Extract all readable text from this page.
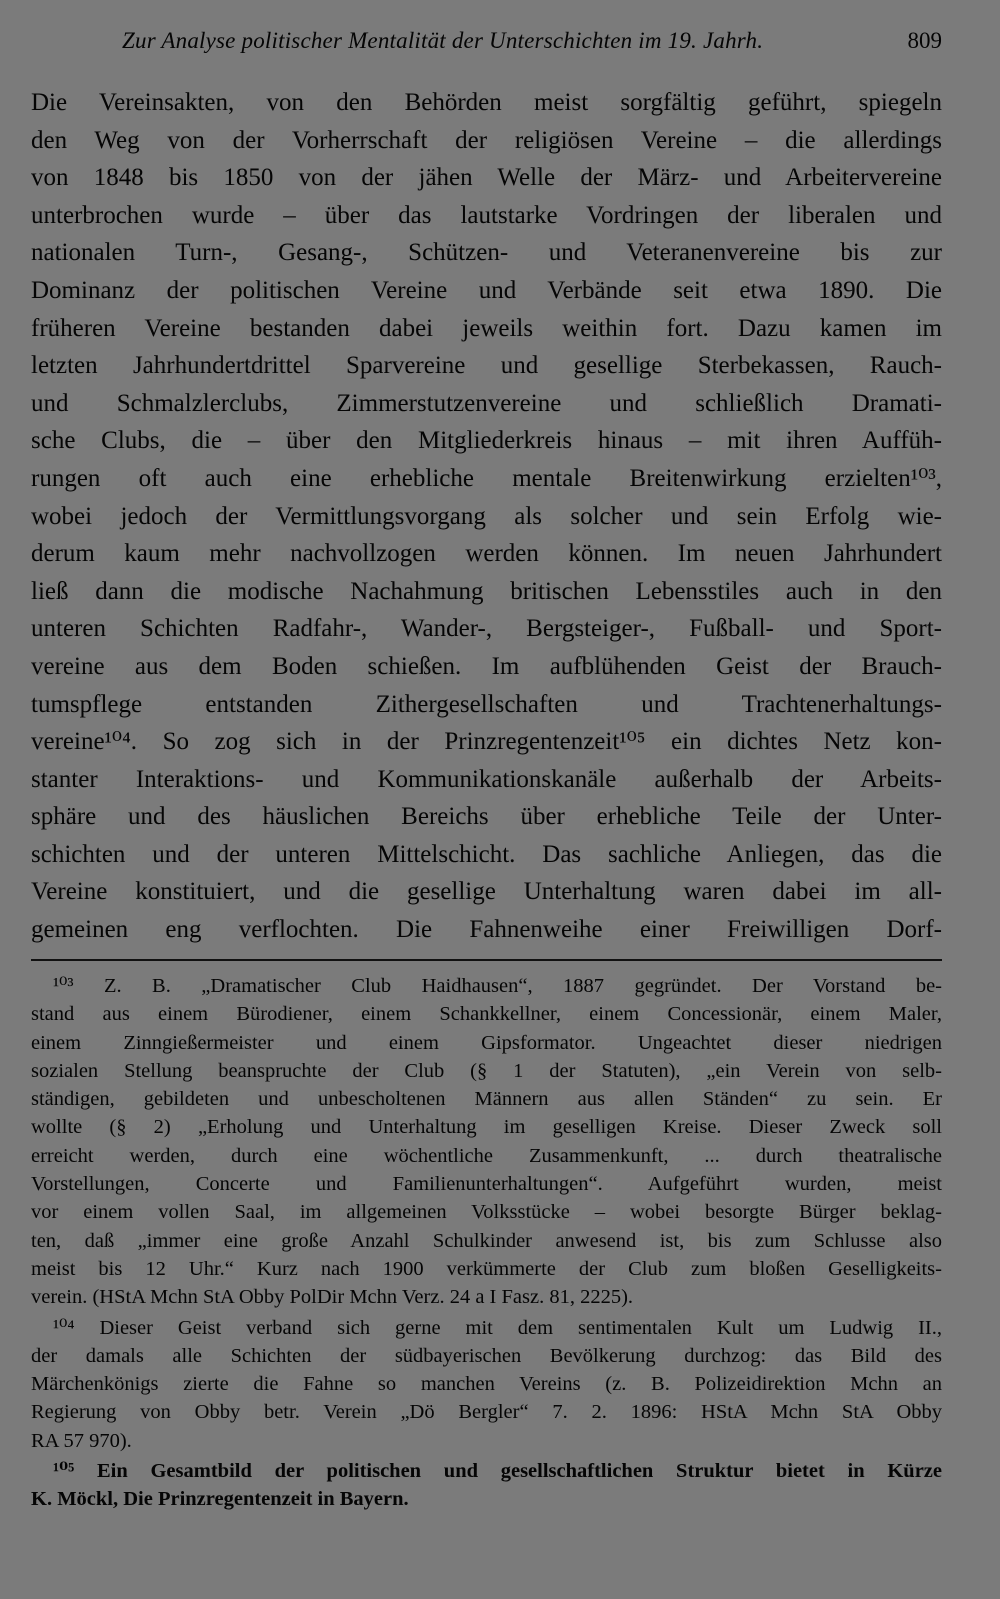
Zur Analyse politischer Mentalität der Unterschichten im 19. Jahrh.	809
Die Vereinsakten, von den Behörden meist sorgfältig geführt, spiegeln
den Weg von der Vorherrschaft der religiösen Vereine – die allerdings
von 1848 bis 1850 von der jähen Welle der März- und Arbeitervereine
unterbrochen wurde – über das lautstarke Vordringen der liberalen und
nationalen Turn-, Gesang-, Schützen- und Veteranenvereine bis zur
Dominanz der politischen Vereine und Verbände seit etwa 1890. Die
früheren Vereine bestanden dabei jeweils weithin fort. Dazu kamen im
letzten Jahrhundertdrittel Sparvereine und gesellige Sterbekassen, Rauch-
und Schmalzlerclubs, Zimmerstutzenvereine und schließlich Dramati-
sche Clubs, die – über den Mitgliederkreis hinaus – mit ihren Auffüh-
rungen oft auch eine erhebliche mentale Breitenwirkung erzielten¹⁰³,
wobei jedoch der Vermittlungsvorgang als solcher und sein Erfolg wie-
derum kaum mehr nachvollzogen werden können. Im neuen Jahrhundert
ließ dann die modische Nachahmung britischen Lebensstiles auch in den
unteren Schichten Radfahr-, Wander-, Bergsteiger-, Fußball- und Sport-
vereine aus dem Boden schießen. Im aufblühenden Geist der Brauch-
tumspflege entstanden Zithergesellschaften und Trachtenerhaltungs-
vereine¹⁰⁴. So zog sich in der Prinzregentenzeit¹⁰⁵ ein dichtes Netz kon-
stanter Interaktions- und Kommunikationskanäle außerhalb der Arbeits-
sphäre und des häuslichen Bereichs über erhebliche Teile der Unter-
schichten und der unteren Mittelschicht. Das sachliche Anliegen, das die
Vereine konstituiert, und die gesellige Unterhaltung waren dabei im all-
gemeinen eng verflochten. Die Fahnenweihe einer Freiwilligen Dorf-
¹⁰³ Z. B. „Dramatischer Club Haidhausen“, 1887 gegründet. Der Vorstand be-
stand aus einem Bürodiener, einem Schankkellner, einem Concessionär, einem Maler,
einem Zinngießermeister und einem Gipsformator. Ungeachtet dieser niedrigen
sozialen Stellung beanspruchte der Club (§ 1 der Statuten), „ein Verein von selb-
ständigen, gebildeten und unbescholtenen Männern aus allen Ständen“ zu sein. Er
wollte (§ 2) „Erholung und Unterhaltung im geselligen Kreise. Dieser Zweck soll
erreicht werden, durch eine wöchentliche Zusammenkunft, ... durch theatralische
Vorstellungen, Concerte und Familienunterhaltungen“. Aufgeführt wurden, meist
vor einem vollen Saal, im allgemeinen Volksstücke – wobei besorgte Bürger beklag-
ten, daß „immer eine große Anzahl Schulkinder anwesend ist, bis zum Schlusse also
meist bis 12 Uhr.“ Kurz nach 1900 verkümmerte der Club zum bloßen Geselligkeits-
verein. (HStA Mchn StA Obby PolDir Mchn Verz. 24 a I Fasz. 81, 2225).
¹⁰⁴ Dieser Geist verband sich gerne mit dem sentimentalen Kult um Ludwig II.,
der damals alle Schichten der südbayerischen Bevölkerung durchzog: das Bild des
Märchenkönigs zierte die Fahne so manchen Vereins (z. B. Polizeidirektion Mchn an
Regierung von Obby betr. Verein „Dö Bergler“ 7. 2. 1896: HStA Mchn StA Obby
RA 57 970).
¹⁰⁵ Ein Gesamtbild der politischen und gesellschaftlichen Struktur bietet in Kürze
K. Möckl, Die Prinzregentenzeit in Bayern.
